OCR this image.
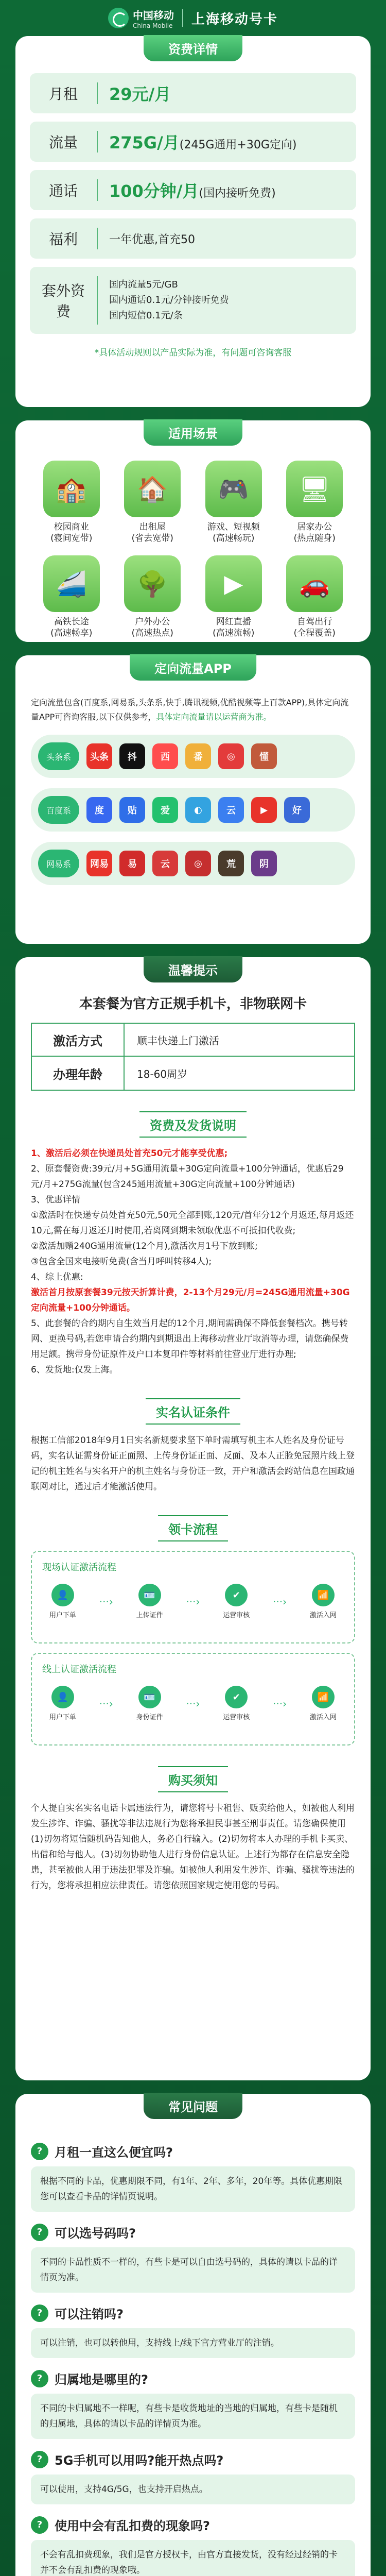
中国移动
China Mobile 上海移动号卡
资费详情
月租	29元/月
流量	275G/月(245G通用+30G定向)
通话	100分钟/月(国内接听免费)
福利	一年优惠,首充50
套外资费
国内流量5元/GB
国内通话0.1元/分钟接听免费
国内短信0.1元/条
*具体活动规则以产品实际为准，有问题可咨询客服
适用场景
🏫
校园商业
(寝间宽带)
🏠
出租屋
(省去宽带)
🎮
游戏、短视频
(高速畅玩)
🖥
居家办公
(热点随身)
🚄
高铁长途
(高速畅享)
🌳
户外办公
(高速热点)
▶
网红直播
(高速流畅)
🚗
自驾出行
(全程覆盖)
定向流量APP
定向流量包含(百度系,网易系,头条系,快手,腾讯视频,优酷视频等上百款APP),具体定向流量APP可咨询客服,以下仅供参考，具体定向流量请以运营商为准。
头条系	头条	抖	西	番	◎	懂
百度系	度	贴	爱	◐	云	▶	好
网易系	网易	易	云	◎	荒	阴
温馨提示
本套餐为官方正规手机卡，非物联网卡
激活方式	顺丰快递上门激活
办理年龄	18-60周岁
资费及发货说明
1、激活后必须在快递员处首充50元才能享受优惠;
2、原套餐资费:39元/月+5G通用流量+30G定向流量+100分钟通话，优惠后29元/月+275G流量(包含245通用流量+30G定向流量+100分钟通话)
3、优惠详情
①激活时在快递专员处首充50元,50元全部到账,120元/首年分12个月返还,每月返还10元,需在每月返还月时使用,若离网到期未领取优惠不可抵扣代收费;
②激活加赠240G通用流量(12个月),激活次月1号下放到账;
③包含全国来电接听免费(含当月呼叫转移4人);
4、综上优惠:
激活首月按原套餐39元按天折算计费，2-13个月29元/月=245G通用流量+30G定向流量+100分钟通话。
5、此套餐的合约期内自生效当月起的12个月,期间需确保不降低套餐档次。携号转网、更换号码,若您申请合约期内到期退出上海移动营业厅取消等办理，请您确保费用足额。携带身份证原件及户口本复印件等材料前往营业厅进行办理;
6、发货地:仅发上海。
实名认证条件
根据工信部2018年9月1日实名新规要求坚下单时需填写机主本人姓名及身份证号码，实名认证需身份证正面照、上传身份证正面、反面、及本人正脸免冠照片线上登记的机主姓名与实名开户的机主姓名与身份证一致，开户和激活会跨站信息在国政通联网对比，通过后才能激活使用。
领卡流程
现场认证激活流程
👤
用户下单
···›
🪪
上传证件
···›
✔
运营审核
···›
📶
激活入网
线上认证激活流程
👤
用户下单
···›
🪪
身份证件
···›
✔
运营审核
···›
📶
激活入网
购买须知
个人提自实名实名电话卡属违法行为，请您将号卡租售、贩卖给他人，如被他人利用发生涉诈、诈骗、骚扰等非法违规行为您将承担民事甚至刑事责任。请您确保使用(1)切勿将短信随机码告知他人，务必自行输入。(2)切勿将本人办理的手机卡买卖、出借和给与他人。(3)切勿协助他人进行身份信息认证。上述行为都存在信息安全隐患，甚至被他人用于违法犯罪及诈骗。如被他人利用发生涉诈、诈骗、骚扰等违法的行为，您将承担相应法律责任。请您依照国家规定使用您的号码。
常见问题
? 月租一直这么便宜吗?
根据不同的卡品，优惠期限不同，有1年、2年、多年，20年等。具体优惠期限您可以查看卡品的详情页说明。
? 可以选号码吗?
不同的卡品性质不一样的，有些卡是可以自由选号码的，具体的请以卡品的详情页为准。
? 可以注销吗?
可以注销，也可以转他用，支持线上/线下官方营业厅的注销。
? 归属地是哪里的?
不同的卡归属地不一样呢，有些卡是收货地址的当地的归属地，有些卡是随机的归属地，具体的请以卡品的详情页为准。
? 5G手机可以用吗?能开热点吗?
可以使用，支持4G/5G，也支持开启热点。
? 使用中会有乱扣费的现象吗?
不会有乱扣费现象，我们是官方授权卡，由官方直接发货，没有经过经销的卡并不会有乱扣费的现象哦。
